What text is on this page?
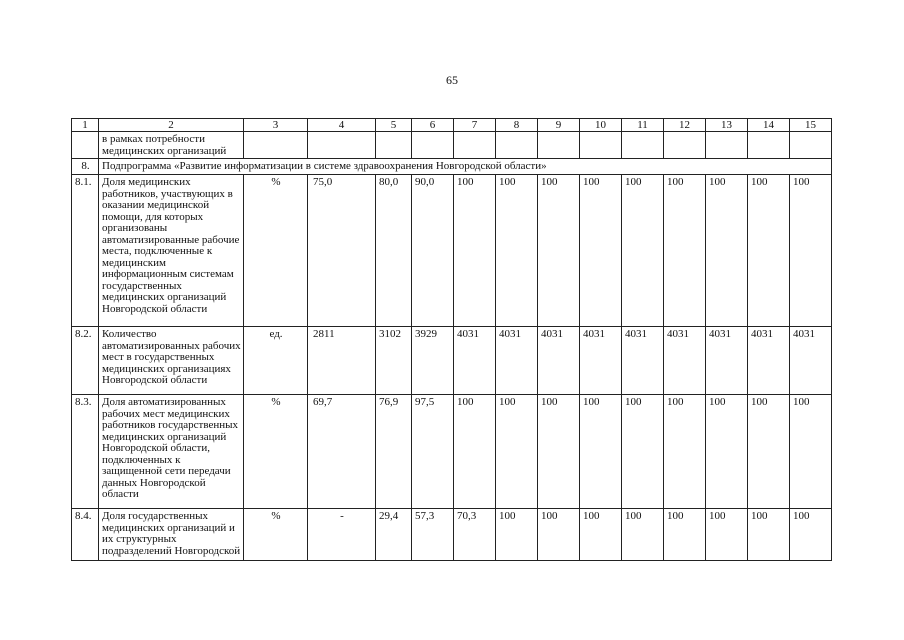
65
1	2	3	4	5	6	7	8	9	10	11	12	13	14	15
	в рамках потребности медицинских организаций													
8.	Подпрограмма «Развитие информатизации в системе здравоохранения Новгородской области»													
8.1.	Доля медицинских работников, участвующих в оказании медицинской помощи, для которых организованы автоматизированные рабочие места, подключенные к медицинским информационным системам государственных медицинских организаций Новгородской области	%	75,0	80,0	90,0	100	100	100	100	100	100	100	100	100
8.2.	Количество автоматизированных рабочих мест в государственных медицинских организациях Новгородской области	ед.	2811	3102	3929	4031	4031	4031	4031	4031	4031	4031	4031	4031
8.3.	Доля автоматизированных рабочих мест медицинских работников государственных медицинских организаций Новгородской области, подключенных к защищенной сети передачи данных Новгородской области	%	69,7	76,9	97,5	100	100	100	100	100	100	100	100	100
8.4.	Доля государственных медицинских организаций и их структурных подразделений Новгородской	%	-	29,4	57,3	70,3	100	100	100	100	100	100	100	100
